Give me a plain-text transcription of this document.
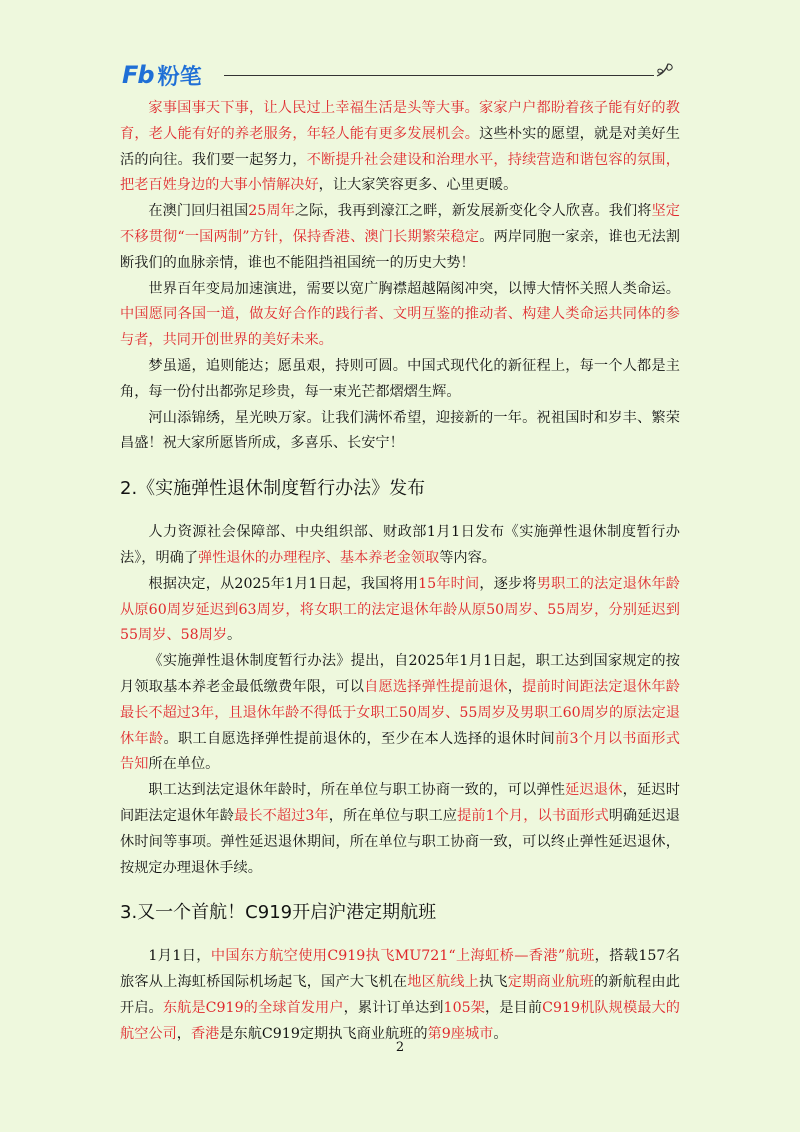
Fb 粉笔

家事国事天下事，让人民过上幸福生活是头等大事。家家户户都盼着孩子能有好的教育，老人能有好的养老服务，年轻人能有更多发展机会。这些朴实的愿望，就是对美好生活的向往。我们要一起努力，不断提升社会建设和治理水平，持续营造和谐包容的氛围，把老百姓身边的大事小情解决好，让大家笑容更多、心里更暖。

在澳门回归祖国25周年之际，我再到濠江之畔，新发展新变化令人欣喜。我们将坚定不移贯彻“一国两制”方针，保持香港、澳门长期繁荣稳定。两岸同胞一家亲，谁也无法割断我们的血脉亲情，谁也不能阻挡祖国统一的历史大势！

世界百年变局加速演进，需要以宽广胸襟超越隔阂冲突，以博大情怀关照人类命运。中国愿同各国一道，做友好合作的践行者、文明互鉴的推动者、构建人类命运共同体的参与者，共同开创世界的美好未来。

梦虽遥，追则能达；愿虽艰，持则可圆。中国式现代化的新征程上，每一个人都是主角，每一份付出都弥足珍贵，每一束光芒都熠熠生辉。

河山添锦绣，星光映万家。让我们满怀希望，迎接新的一年。祝祖国时和岁丰、繁荣昌盛！祝大家所愿皆所成，多喜乐、长安宁！

2.《实施弹性退休制度暂行办法》发布

人力资源社会保障部、中央组织部、财政部1月1日发布《实施弹性退休制度暂行办法》，明确了弹性退休的办理程序、基本养老金领取等内容。

根据决定，从2025年1月1日起，我国将用15年时间，逐步将男职工的法定退休年龄从原60周岁延迟到63周岁，将女职工的法定退休年龄从原50周岁、55周岁，分别延迟到55周岁、58周岁。

《实施弹性退休制度暂行办法》提出，自2025年1月1日起，职工达到国家规定的按月领取基本养老金最低缴费年限，可以自愿选择弹性提前退休，提前时间距法定退休年龄最长不超过3年，且退休年龄不得低于女职工50周岁、55周岁及男职工60周岁的原法定退休年龄。职工自愿选择弹性提前退休的，至少在本人选择的退休时间前3个月以书面形式告知所在单位。

职工达到法定退休年龄时，所在单位与职工协商一致的，可以弹性延迟退休，延迟时间距法定退休年龄最长不超过3年，所在单位与职工应提前1个月，以书面形式明确延迟退休时间等事项。弹性延迟退休期间，所在单位与职工协商一致，可以终止弹性延迟退休，按规定办理退休手续。

3.又一个首航！C919开启沪港定期航班

1月1日，中国东方航空使用C919执飞MU721“上海虹桥—香港”航班，搭载157名旅客从上海虹桥国际机场起飞，国产大飞机在地区航线上执飞定期商业航班的新航程由此开启。东航是C919的全球首发用户，累计订单达到105架，是目前C919机队规模最大的航空公司，香港是东航C919定期执飞商业航班的第9座城市。

2
